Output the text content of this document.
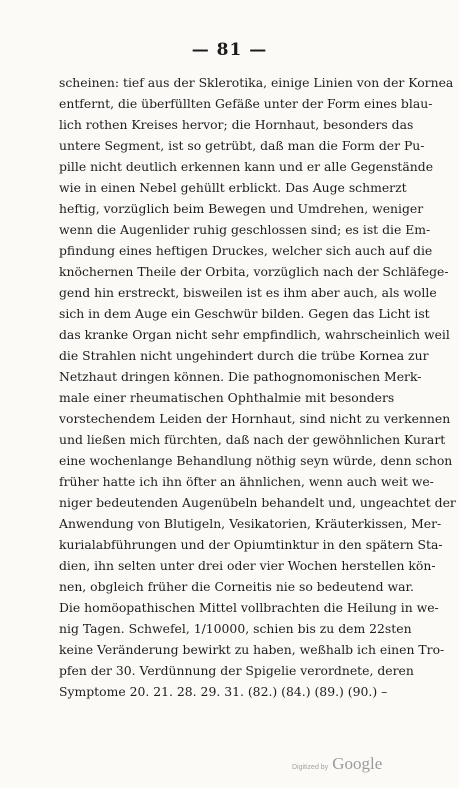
— 81 —
scheinen: tief aus der Sklerotika, einige Linien von der Kornea
entfernt, die überfüllten Gefäße unter der Form eines blau-
lich rothen Kreises hervor; die Hornhaut, besonders das
untere Segment, ist so getrübt, daß man die Form der Pu-
pille nicht deutlich erkennen kann und er alle Gegenstände
wie in einen Nebel gehüllt erblickt. Das Auge schmerzt
heftig, vorzüglich beim Bewegen und Umdrehen, weniger
wenn die Augenlider ruhig geschlossen sind; es ist die Em-
pfindung eines heftigen Druckes, welcher sich auch auf die
knöchernen Theile der Orbita, vorzüglich nach der Schläfege-
gend hin erstreckt, bisweilen ist es ihm aber auch, als wolle
sich in dem Auge ein Geschwür bilden. Gegen das Licht ist
das kranke Organ nicht sehr empfindlich, wahrscheinlich weil
die Strahlen nicht ungehindert durch die trübe Kornea zur
Netzhaut dringen können. Die pathognomonischen Merk-
male einer rheumatischen Ophthalmie mit besonders
vorstechendem Leiden der Hornhaut, sind nicht zu verkennen
und ließen mich fürchten, daß nach der gewöhnlichen Kurart
eine wochenlange Behandlung nöthig seyn würde, denn schon
früher hatte ich ihn öfter an ähnlichen, wenn auch weit we-
niger bedeutenden Augenübeln behandelt und, ungeachtet der
Anwendung von Blutigeln, Vesikatorien, Kräuterkissen, Mer-
kurialabführungen und der Opiumtinktur in den spätern Sta-
dien, ihn selten unter drei oder vier Wochen herstellen kön-
nen, obgleich früher die Corneitis nie so bedeutend war.
Die homöopathischen Mittel vollbrachten die Heilung in we-
nig Tagen. Schwefel, 1/10000, schien bis zu dem 22sten
keine Veränderung bewirkt zu haben, weßhalb ich einen Tro-
pfen der 30. Verdünnung der Spigelie verordnete, deren
Symptome 20. 21. 28. 29. 31. (82.) (84.) (89.) (90.) –
Digitized by Google
